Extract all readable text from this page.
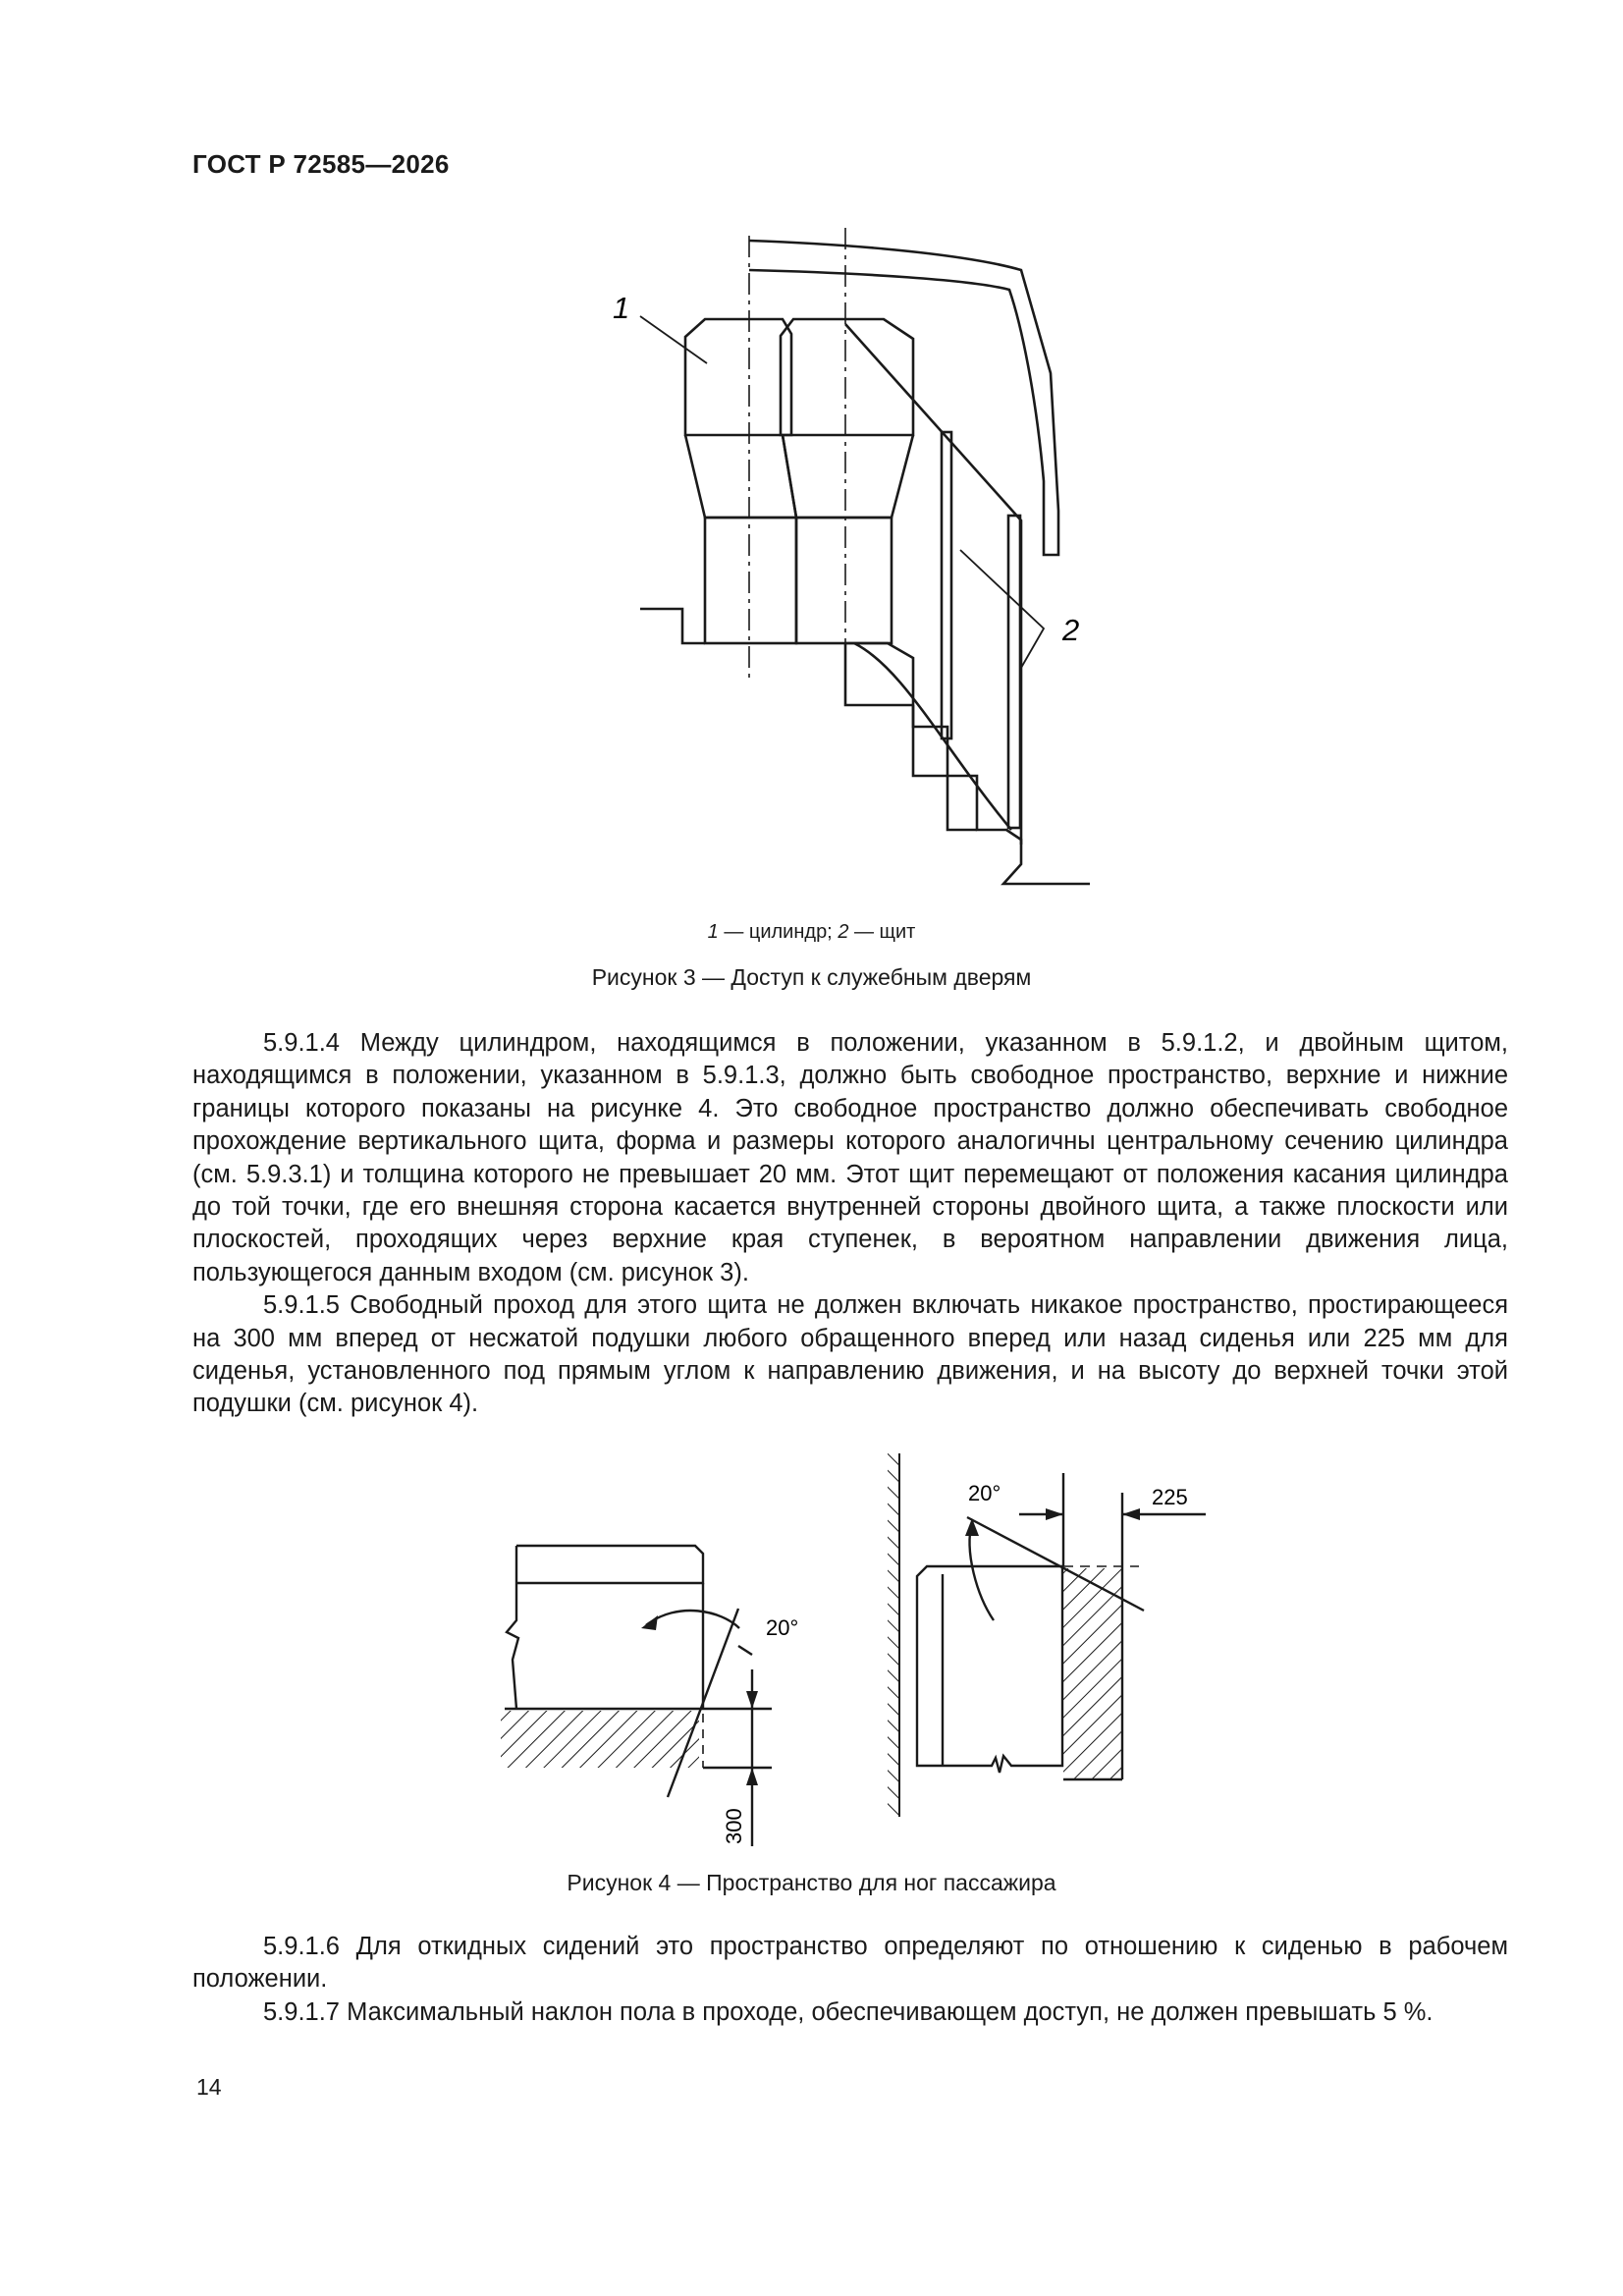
ГОСТ Р 72585—2026
1
2
1 — цилиндр; 2 — щит
Рисунок 3 — Доступ к служебным дверям

5.9.1.4 Между цилиндром, находящимся в положении, указанном в 5.9.1.2, и двойным щитом, находящимся в положении, указанном в 5.9.1.3, должно быть свободное пространство, верхние и нижние границы которого показаны на рисунке 4. Это свободное пространство должно обеспечивать свободное прохождение вертикального щита, форма и размеры которого аналогичны центральному сечению цилиндра (см. 5.9.3.1) и толщина которого не превышает 20 мм. Этот щит перемещают от положения касания цилиндра до той точки, где его внешняя сторона касается внутренней стороны двойного щита, а также плоскости или плоскостей, проходящих через верхние края ступенек, в вероятном направлении движения лица, пользующегося данным входом (см. рисунок 3).

5.9.1.5 Свободный проход для этого щита не должен включать никакое пространство, простирающееся на 300 мм вперед от несжатой подушки любого обращенного вперед или назад сиденья или 225 мм для сиденья, установленного под прямым углом к направлению движения, и на высоту до верхней точки этой подушки (см. рисунок 4).

20°
300
20°	225
Рисунок 4 — Пространство для ног пассажира

5.9.1.6 Для откидных сидений это пространство определяют по отношению к сиденью в рабочем положении.

5.9.1.7 Максимальный наклон пола в проходе, обеспечивающем доступ, не должен превышать 5 %.

14
